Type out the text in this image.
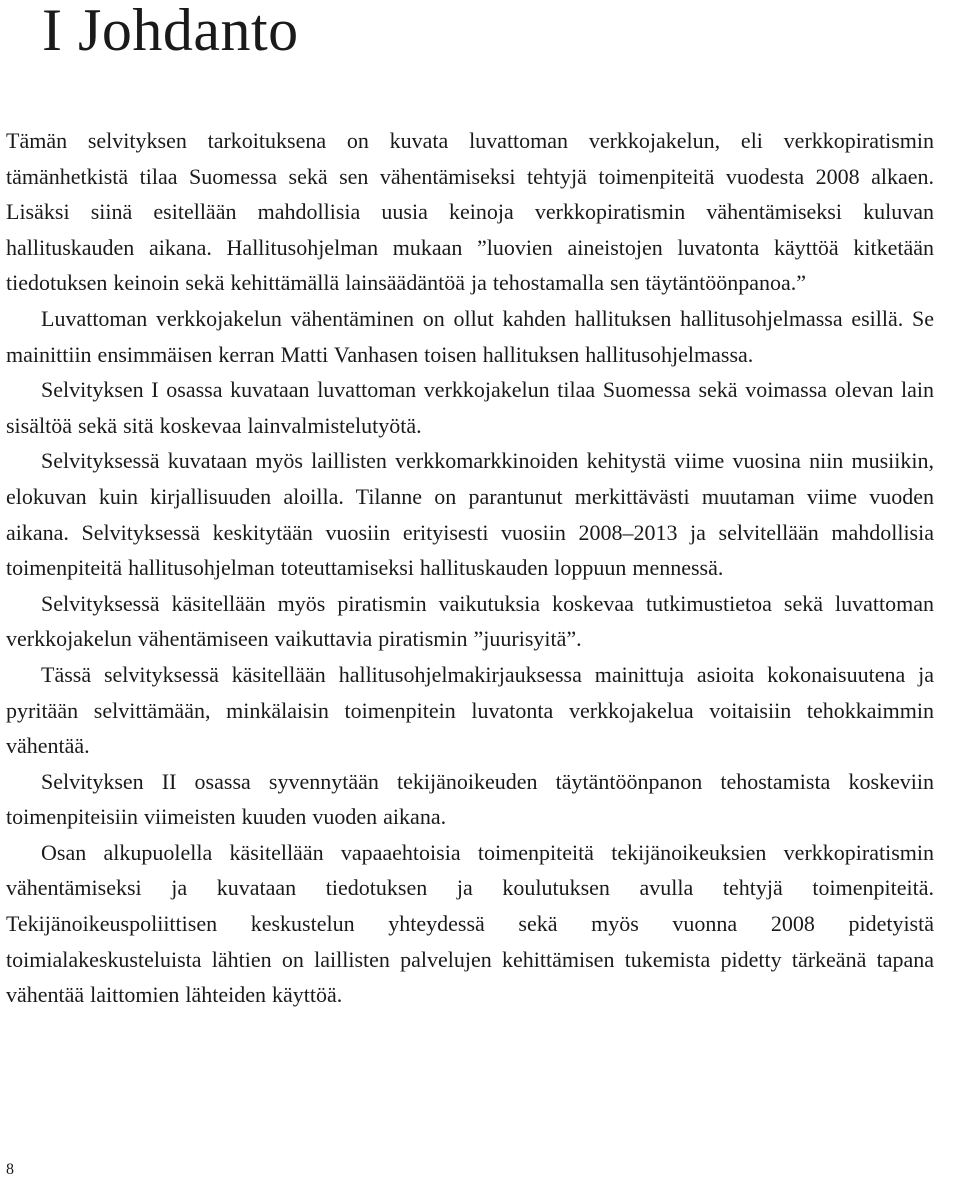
I Johdanto

Tämän selvityksen tarkoituksena on kuvata luvattoman verkkojakelun, eli verkkopiratismin tämänhetkistä tilaa Suomessa sekä sen vähentämiseksi tehtyjä toimenpiteitä vuodesta 2008 alkaen. Lisäksi siinä esitellään mahdollisia uusia keinoja verkkopiratismin vähentämiseksi kuluvan hallituskauden aikana. Hallitusohjelman mukaan ”luovien aineistojen luvatonta käyttöä kitketään tiedotuksen keinoin sekä kehittämällä lainsäädäntöä ja tehostamalla sen täytäntöönpanoa.”

Luvattoman verkkojakelun vähentäminen on ollut kahden hallituksen hallitusohjelmassa esillä. Se mainittiin ensimmäisen kerran Matti Vanhasen toisen hallituksen hallitusohjelmassa.

Selvityksen I osassa kuvataan luvattoman verkkojakelun tilaa Suomessa sekä voimassa olevan lain sisältöä sekä sitä koskevaa lainvalmistelutyötä.

Selvityksessä kuvataan myös laillisten verkkomarkkinoiden kehitystä viime vuosina niin musiikin, elokuvan kuin kirjallisuuden aloilla. Tilanne on parantunut merkittävästi muutaman viime vuoden aikana. Selvityksessä keskitytään vuosiin erityisesti vuosiin 2008–2013 ja selvitellään mahdollisia toimenpiteitä hallitusohjelman toteuttamiseksi hallituskauden loppuun mennessä.

Selvityksessä käsitellään myös piratismin vaikutuksia koskevaa tutkimustietoa sekä luvattoman verkkojakelun vähentämiseen vaikuttavia piratismin ”juurisyitä”.

Tässä selvityksessä käsitellään hallitusohjelmakirjauksessa mainittuja asioita kokonaisuutena ja pyritään selvittämään, minkälaisin toimenpitein luvatonta verkkojakelua voitaisiin tehokkaimmin vähentää.

Selvityksen II osassa syvennytään tekijänoikeuden täytäntöönpanon tehostamista koskeviin toimenpiteisiin viimeisten kuuden vuoden aikana.

Osan alkupuolella käsitellään vapaaehtoisia toimenpiteitä tekijänoikeuksien verkkopiratismin vähentämiseksi ja kuvataan tiedotuksen ja koulutuksen avulla tehtyjä toimenpiteitä. Tekijänoikeuspoliittisen keskustelun yhteydessä sekä myös vuonna 2008 pidetyistä toimialakeskusteluista lähtien on laillisten palvelujen kehittämisen tukemista pidetty tärkeänä tapana vähentää laittomien lähteiden käyttöä.

8
